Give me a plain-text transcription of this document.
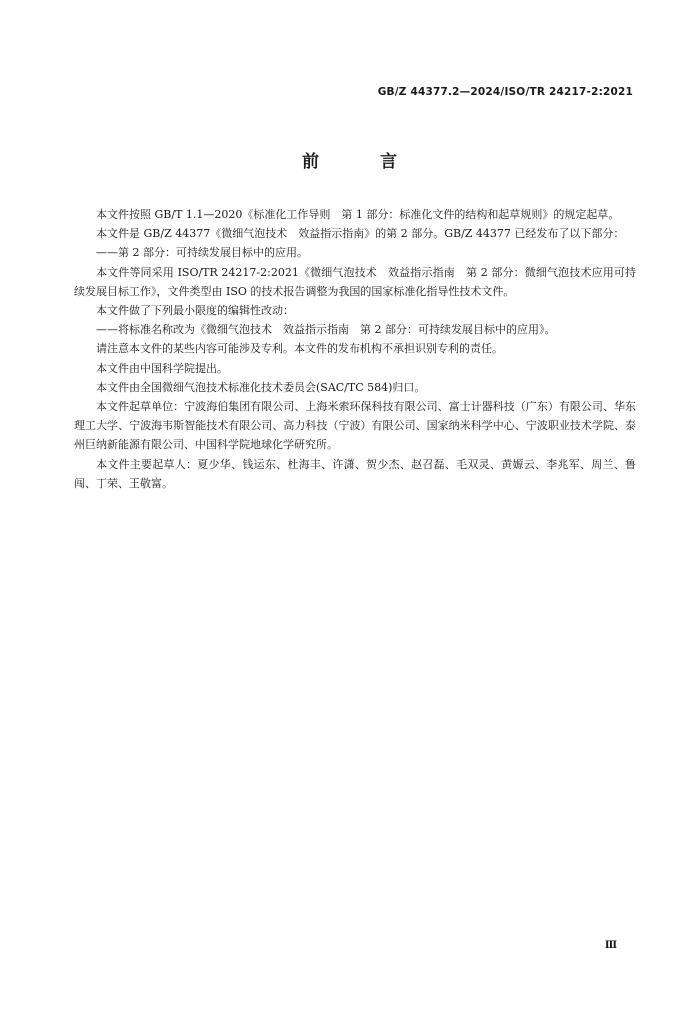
GB/Z 44377.2—2024/ISO/TR 24217-2:2021
前　言

本文件按照 GB/T 1.1—2020《标准化工作导则　第 1 部分：标准化文件的结构和起草规则》的规定起草。

本文件是 GB/Z 44377《微细气泡技术　效益指示指南》的第 2 部分。GB/Z 44377 已经发布了以下部分：

——第 2 部分：可持续发展目标中的应用。

本文件等同采用 ISO/TR 24217-2:2021《微细气泡技术　效益指示指南　第 2 部分：微细气泡技术应用可持续发展目标工作》，文件类型由 ISO 的技术报告调整为我国的国家标准化指导性技术文件。

本文件做了下列最小限度的编辑性改动：

——将标准名称改为《微细气泡技术　效益指示指南　第 2 部分：可持续发展目标中的应用》。

请注意本文件的某些内容可能涉及专利。本文件的发布机构不承担识别专利的责任。

本文件由中国科学院提出。

本文件由全国微细气泡技术标准化技术委员会(SAC/TC 584)归口。

本文件起草单位：宁波海伯集团有限公司、上海米索环保科技有限公司、富士计器科技（广东）有限公司、华东理工大学、宁波海韦斯智能技术有限公司、高力科技（宁波）有限公司、国家纳米科学中心、宁波职业技术学院、泰州巨纳新能源有限公司、中国科学院地球化学研究所。

本文件主要起草人：夏少华、钱运东、杜海丰、许潇、贺少杰、赵召磊、毛双灵、黄嫄云、李兆军、周兰、鲁闯、丁荣、王敬富。

Ⅲ
